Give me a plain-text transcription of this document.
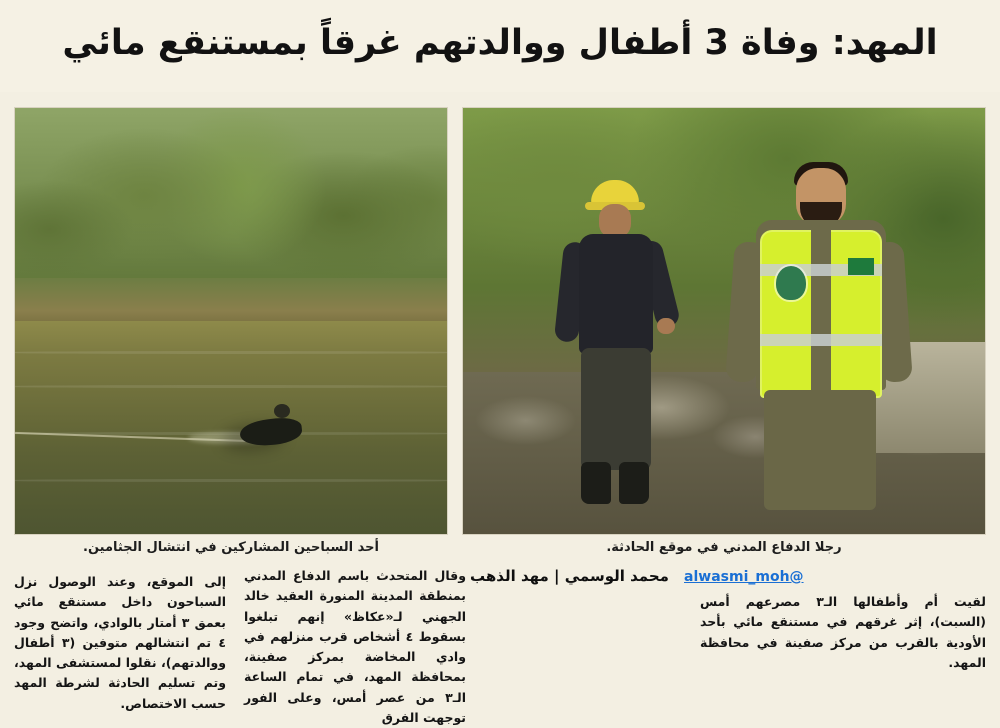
المهد: وفاة 3 أطفال ووالدتهم غرقاً بمستنقع مائي
أحد السباحين المشاركين في انتشال الجثامين.	رجلا الدفاع المدني في موقع الحادثة.
@alwasmi_moh محمد الوسمي | مهد الذهب
لقيت أم وأطفالها الـ٣ مصرعهم أمس (السبت)، إثر غرقهم في مستنقع مائي بأحد الأودية بالقرب من مركز صفينة في محافظة المهد.
وقال المتحدث باسم الدفاع المدني بمنطقة المدينة المنورة العقيد خالد الجهني لـ«عكاظ» إنهم تبلغوا بسقوط ٤ أشخاص قرب منزلهم في وادي المخاضة بمركز صفينة، بمحافظة المهد، في تمام الساعة الـ٣ من عصر أمس، وعلى الفور توجهت الفرق
إلى الموقع، وعند الوصول نزل السباحون داخل مستنقع مائي بعمق ٣ أمتار بالوادي، واتضح وجود ٤ تم انتشالهم متوفين (٣ أطفال ووالدتهم)، نقلوا لمستشفى المهد، وتم تسليم الحادثة لشرطة المهد حسب الاختصاص.
